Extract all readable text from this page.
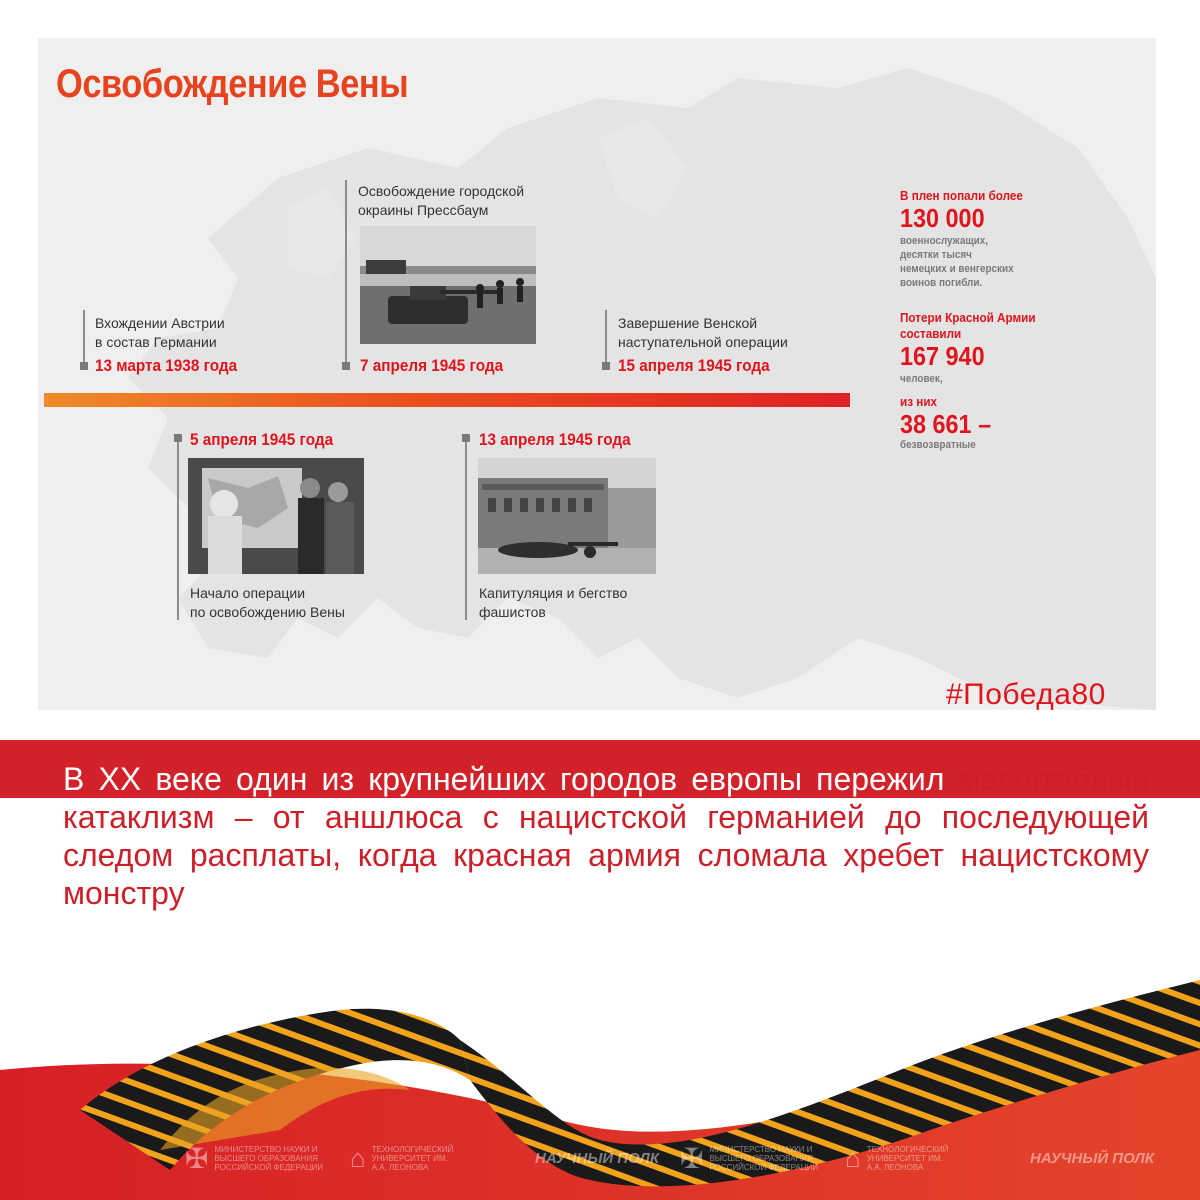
Освобождение Вены
Вхождении Австрии
в состав Германии
13 марта 1938 года
Освобождение городской
окраины Прессбаум
7 апреля 1945 года
Завершение Венской
наступательной операции
15 апреля 1945 года
5 апреля 1945 года
Начало операции
по освобождению Вены
13 апреля 1945 года
Капитуляция и бегство
фашистов
В плен попали более
130 000
военнослужащих,
десятки тысяч
немецких и венгерских
воинов погибли.
Потери Красной Армии
составили
167 940
человек,
из них
38 661 –
безвозвратные
#Победа80
В XX веке один из крупнейших городов европы пережил масштабный катаклизм – от аншлюса с нацистской германией до последующей следом расплаты, когда красная армия сломала хребет нацистскому монстру
✠ МИНИСТЕРСТВО НАУКИ И ВЫСШЕГО ОБРАЗОВАНИЯ РОССИЙСКОЙ ФЕДЕРАЦИИ	⌂ ТЕХНОЛОГИЧЕСКИЙ УНИВЕРСИТЕТ ИМ. А.А. ЛЕОНОВА
НАУЧНЫЙ ПОЛК ✠ МИНИСТЕРСТВО НАУКИ И ВЫСШЕГО ОБРАЗОВАНИЯ РОССИЙСКОЙ ФЕДЕРАЦИИ	⌂ ТЕХНОЛОГИЧЕСКИЙ УНИВЕРСИТЕТ ИМ. А.А. ЛЕОНОВА
НАУЧНЫЙ ПОЛК
